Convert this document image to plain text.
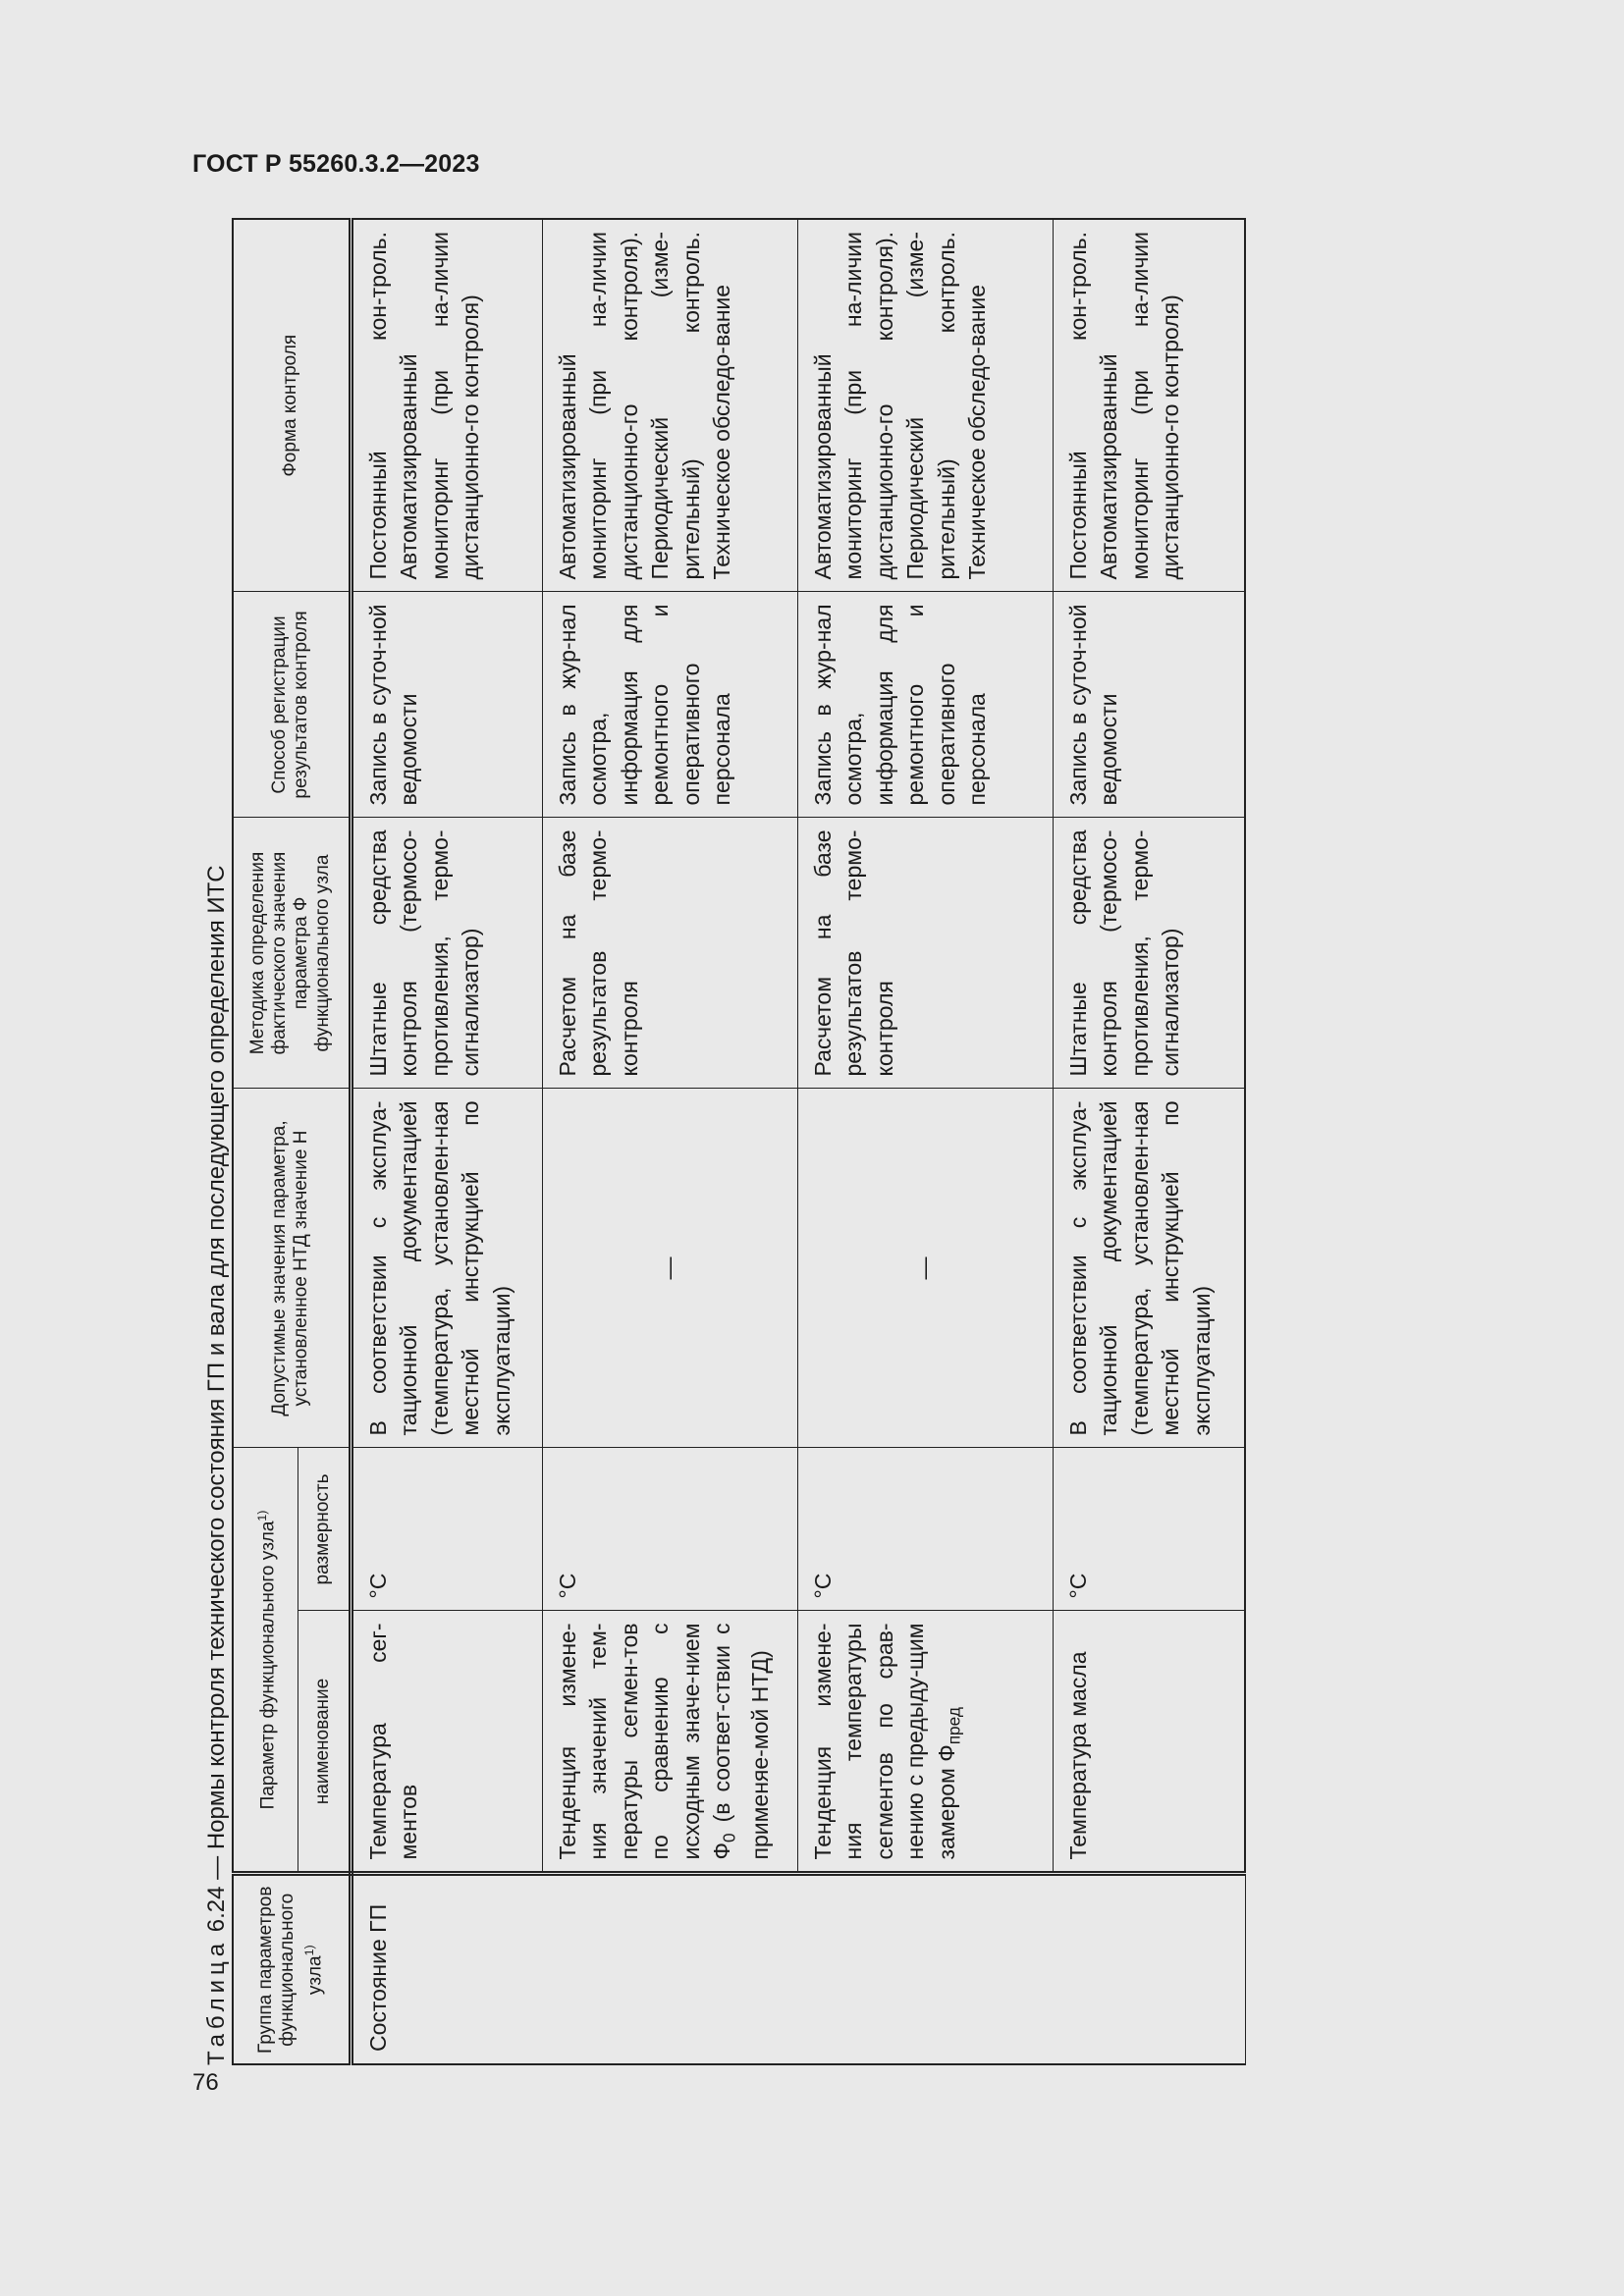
ГОСТ Р 55260.3.2—2023
Таблица 6.24 — Нормы контроля технического состояния ГП и вала для последующего определения ИТС
Группа параметров функционального узла$^{1)}$	Параметр функционального узла$^{1)}$		Допустимые значения параметра, установленное НТД значение Н	Методика определения фактического значения параметра Ф функционального узла	Способ регистрации результатов контроля	Форма контроля
	наименование	размерность				
Состояние ГП	Температура сег-ментов	°С	В соответствии с эксплуа-тационной документацией (температура, установлен-ная местной инструкцией по эксплуатации)	Штатные средства контроля (термосо-противления, термо-сигнализатор)	Запись в суточ-ной ведомости	Постоянный кон-троль. Автоматизированный мониторинг (при на-личии дистанционно-го контроля)
	Тенденция измене-ния значений тем-пературы сегмен-тов по сравнению с исходным значе-нием $Ф_0$ (в соответ-ствии с применяе-мой НТД)	°С	—	Расчетом на базе результатов термо-контроля	Запись в жур-нал осмотра, информация для ремонтного и оперативного персонала	Автоматизированный мониторинг (при на-личии дистанционно-го контроля). Периодический (изме-рительный) контроль. Техническое обследо-вание
	Тенденция измене-ния температуры сегментов по срав-нению с предыду-щим замером $Ф_{пред}$	°С	—	Расчетом на базе результатов термо-контроля	Запись в жур-нал осмотра, информация для ремонтного и оперативного персонала	Автоматизированный мониторинг (при на-личии дистанционно-го контроля). Периодический (изме-рительный) контроль. Техническое обследо-вание
	Температура масла	°С	В соответствии с эксплуа-тационной документацией (температура, установлен-ная местной инструкцией по эксплуатации)	Штатные средства контроля (термосо-противления, термо-сигнализатор)	Запись в суточ-ной ведомости	Постоянный кон-троль. Автоматизированный мониторинг (при на-личии дистанционно-го контроля)
76
